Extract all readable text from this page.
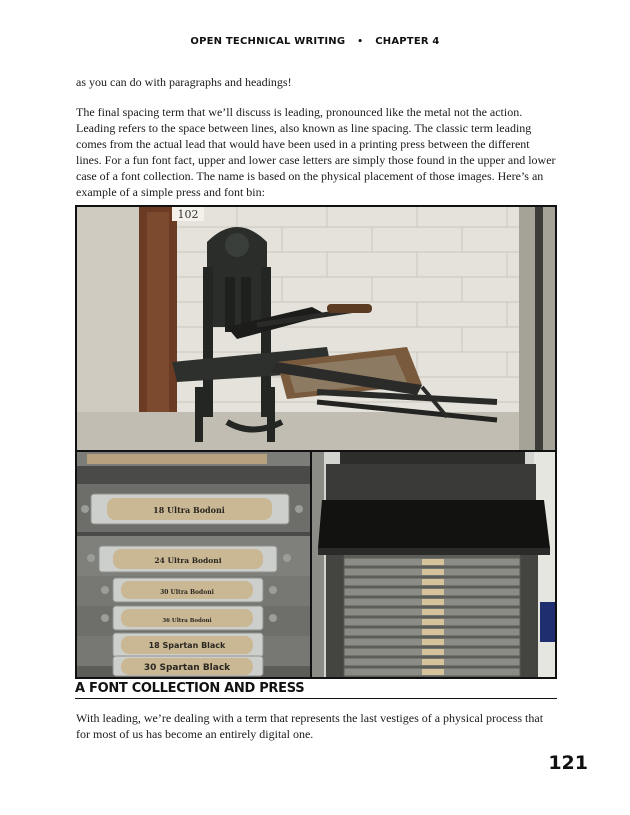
OPEN TECHNICAL WRITING • CHAPTER 4

as you can do with paragraphs and headings!

The final spacing term that we’ll discuss is leading, pronounced like the metal not the action. Leading refers to the space between lines, also known as line spacing. The classic term leading comes from the actual lead that would have been used in a printing press between the different lines. For a fun font fact, upper and lower case letters are simply those found in the upper and lower case of a font collection. The name is based on the physical placement of those images. Here’s an example of a simple press and font bin:

102
18 Ultra Bodoni
24 Ultra Bodoni
30 Ultra Bodoni
36 Ultra Bodoni
18 Spartan Black
30 Spartan Black
A FONT COLLECTION AND PRESS

With leading, we’re dealing with a term that represents the last vestiges of a physical process that for most of us has become an entirely digital one.

121
